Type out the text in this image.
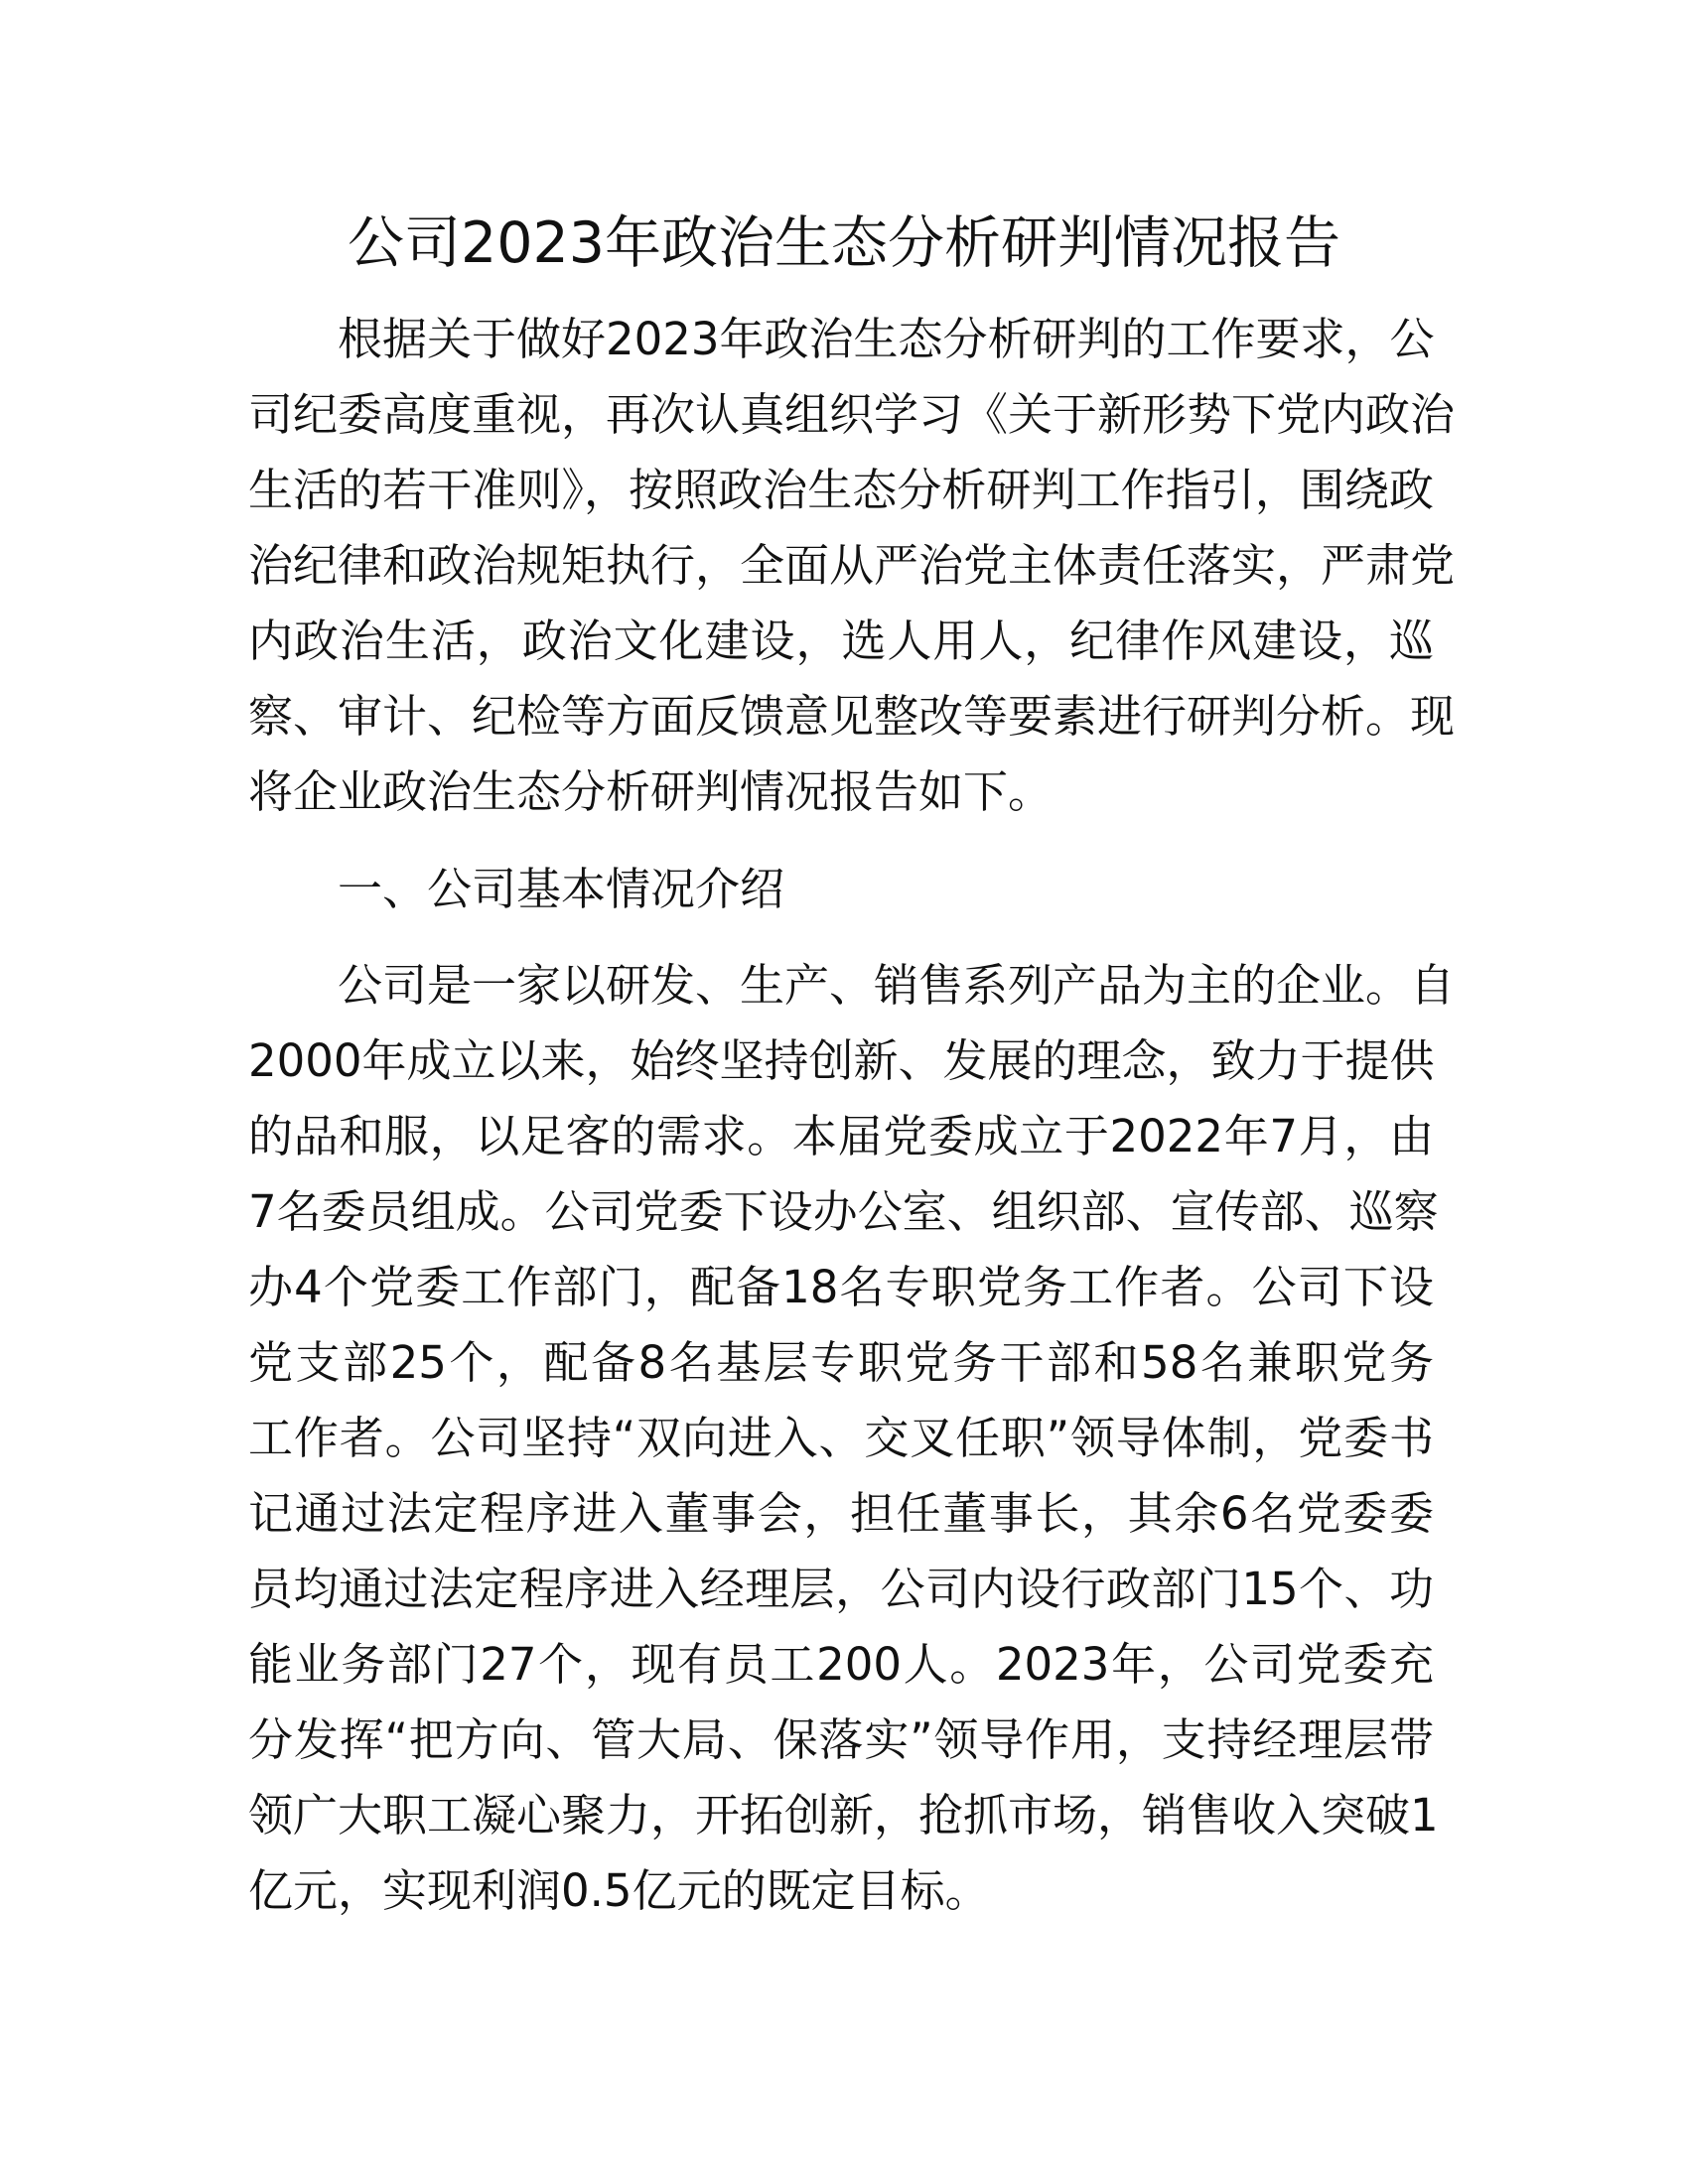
公司2023年政治生态分析研判情况报告
根据关于做好2023年政治生态分析研判的工作要求，公
司纪委高度重视，再次认真组织学习《关于新形势下党内政治
生活的若干准则》，按照政治生态分析研判工作指引，围绕政
治纪律和政治规矩执行，全面从严治党主体责任落实，严肃党
内政治生活，政治文化建设，选人用人，纪律作风建设，巡
察、审计、纪检等方面反馈意见整改等要素进行研判分析。现
将企业政治生态分析研判情况报告如下。
一、公司基本情况介绍
公司是一家以研发、生产、销售系列产品为主的企业。自
2000年成立以来，始终坚持创新、发展的理念，致力于提供
的品和服，以足客的需求。本届党委成立于2022年7月，由
7名委员组成。公司党委下设办公室、组织部、宣传部、巡察
办4个党委工作部门，配备18名专职党务工作者。公司下设
党支部25个，配备8名基层专职党务干部和58名兼职党务
工作者。公司坚持“双向进入、交叉任职”领导体制，党委书
记通过法定程序进入董事会，担任董事长，其余6名党委委
员均通过法定程序进入经理层，公司内设行政部门15个、功
能业务部门27个，现有员工200人。2023年，公司党委充
分发挥“把方向、管大局、保落实”领导作用，支持经理层带
领广大职工凝心聚力，开拓创新，抢抓市场，销售收入突破1
亿元，实现利润0.5亿元的既定目标。
